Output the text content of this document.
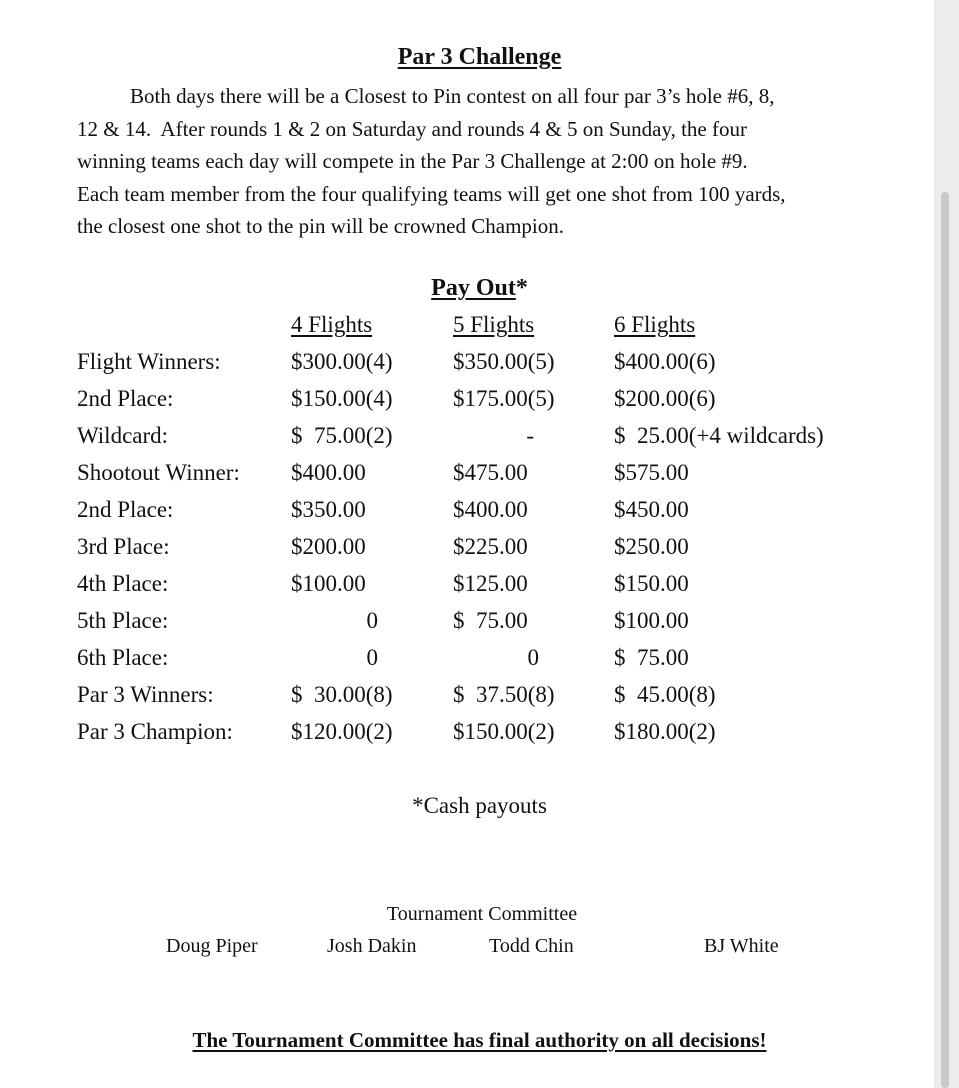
Par 3 Challenge
Both days there will be a Closest to Pin contest on all four par 3’s hole #6, 8,
12 & 14.  After rounds 1 & 2 on Saturday and rounds 4 & 5 on Sunday, the four
winning teams each day will compete in the Par 3 Challenge at 2:00 on hole #9.
Each team member from the four qualifying teams will get one shot from 100 yards,
the closest one shot to the pin will be crowned Champion.
Pay Out*
4 Flights	5 Flights	6 Flights
Flight Winners:	$300.00(4)	$350.00(5)	$400.00(6)
2nd Place:	$150.00(4)	$175.00(5)	$200.00(6)
Wildcard:	$  75.00(2)	-	$  25.00(+4 wildcards)
Shootout Winner: $400.00	$475.00	$575.00
2nd Place:	$350.00	$400.00	$450.00
3rd Place:	$200.00	$225.00	$250.00
4th Place:	$100.00	$125.00	$150.00
5th Place:	0	$  75.00	$100.00
6th Place:	0	0	$  75.00
Par 3 Winners:	$  30.00(8)	$  37.50(8)	$  45.00(8)
Par 3 Champion:	$120.00(2)	$150.00(2)	$180.00(2)
*Cash payouts
Tournament Committee
Doug Piper	Josh Dakin	Todd Chin	BJ White
The Tournament Committee has final authority on all decisions!
